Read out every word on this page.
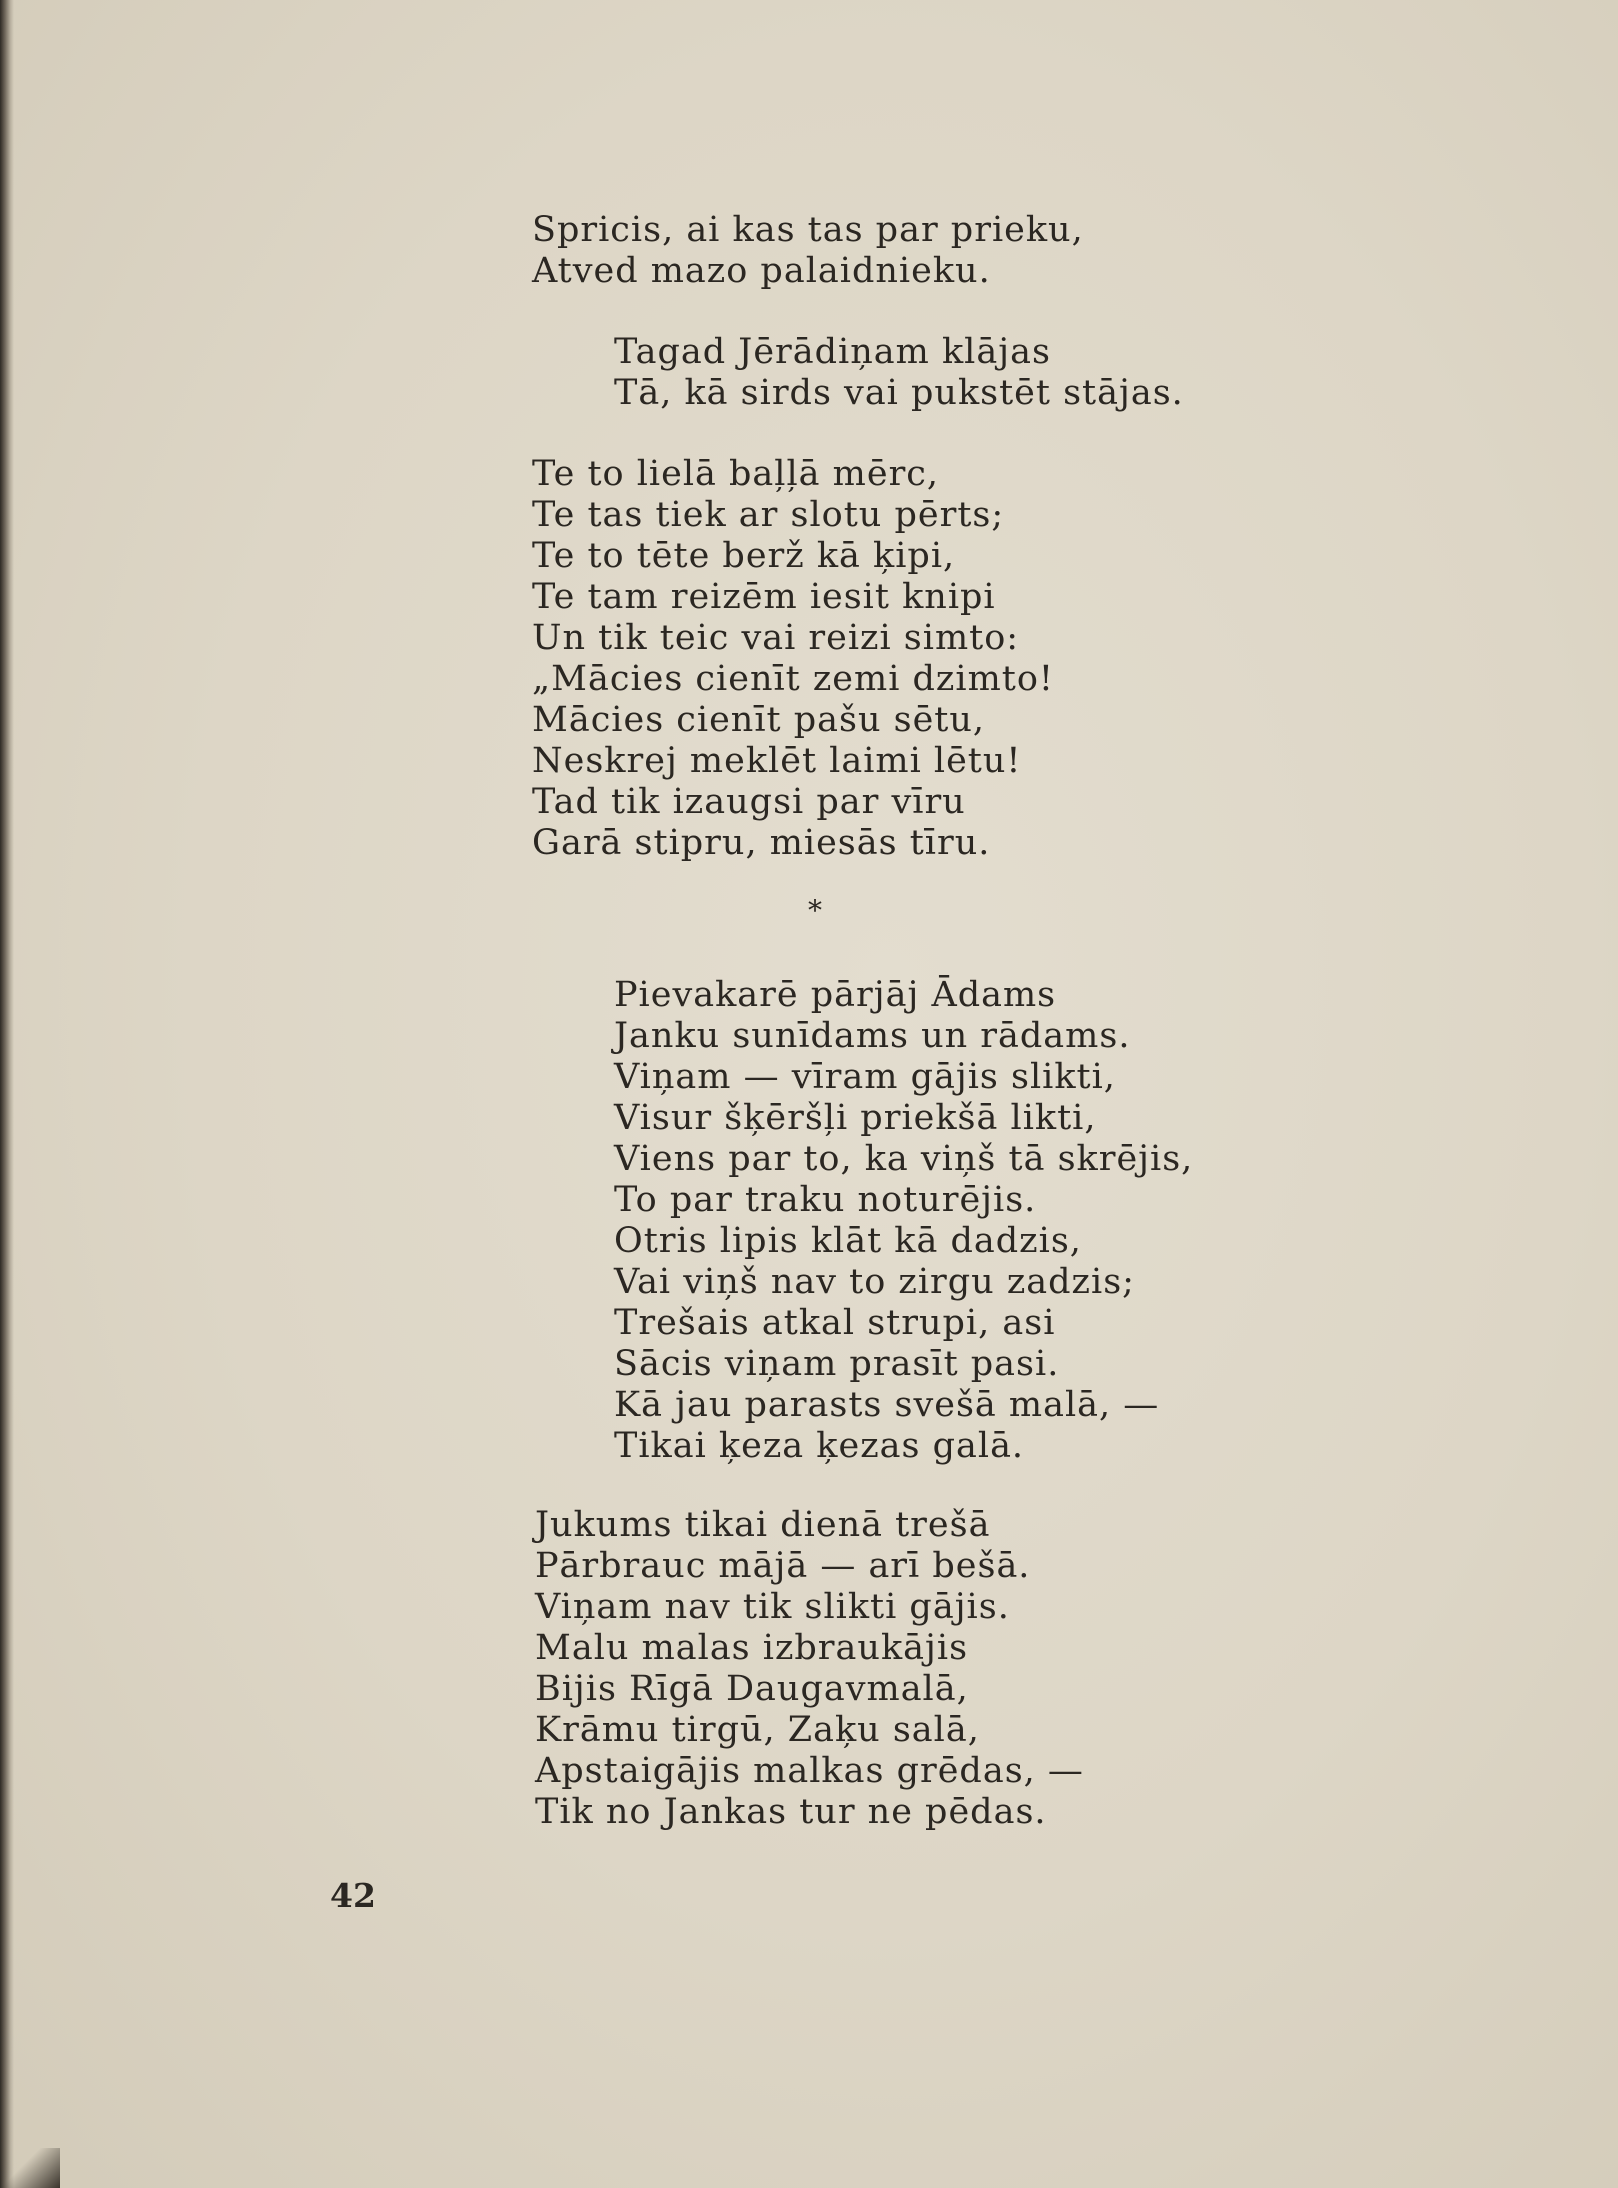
Spricis, ai kas tas par prieku,
Atved mazo palaidnieku.
Tagad Jērādiņam klājas
Tā, kā sirds vai pukstēt stājas.
Te to lielā baļļā mērc,
Te tas tiek ar slotu pērts;
Te to tēte berž kā ķipi,
Te tam reizēm iesit knipi
Un tik teic vai reizi simto:
„Mācies cienīt zemi dzimto!
Mācies cienīt pašu sētu,
Neskrej meklēt laimi lētu!
Tad tik izaugsi par vīru
Garā stipru, miesās tīru.
*
Pievakarē pārjāj Ādams
Janku sunīdams un rādams.
Viņam — vīram gājis slikti,
Visur šķēršļi priekšā likti,
Viens par to, ka viņš tā skrējis,
To par traku noturējis.
Otris lipis klāt kā dadzis,
Vai viņš nav to zirgu zadzis;
Trešais atkal strupi, asi
Sācis viņam prasīt pasi.
Kā jau parasts svešā malā, —
Tikai ķeza ķezas galā.
Jukums tikai dienā trešā
Pārbrauc mājā — arī bešā.
Viņam nav tik slikti gājis.
Malu malas izbraukājis
Bijis Rīgā Daugavmalā,
Krāmu tirgū, Zaķu salā,
Apstaigājis malkas grēdas, —
Tik no Jankas tur ne pēdas.
42
